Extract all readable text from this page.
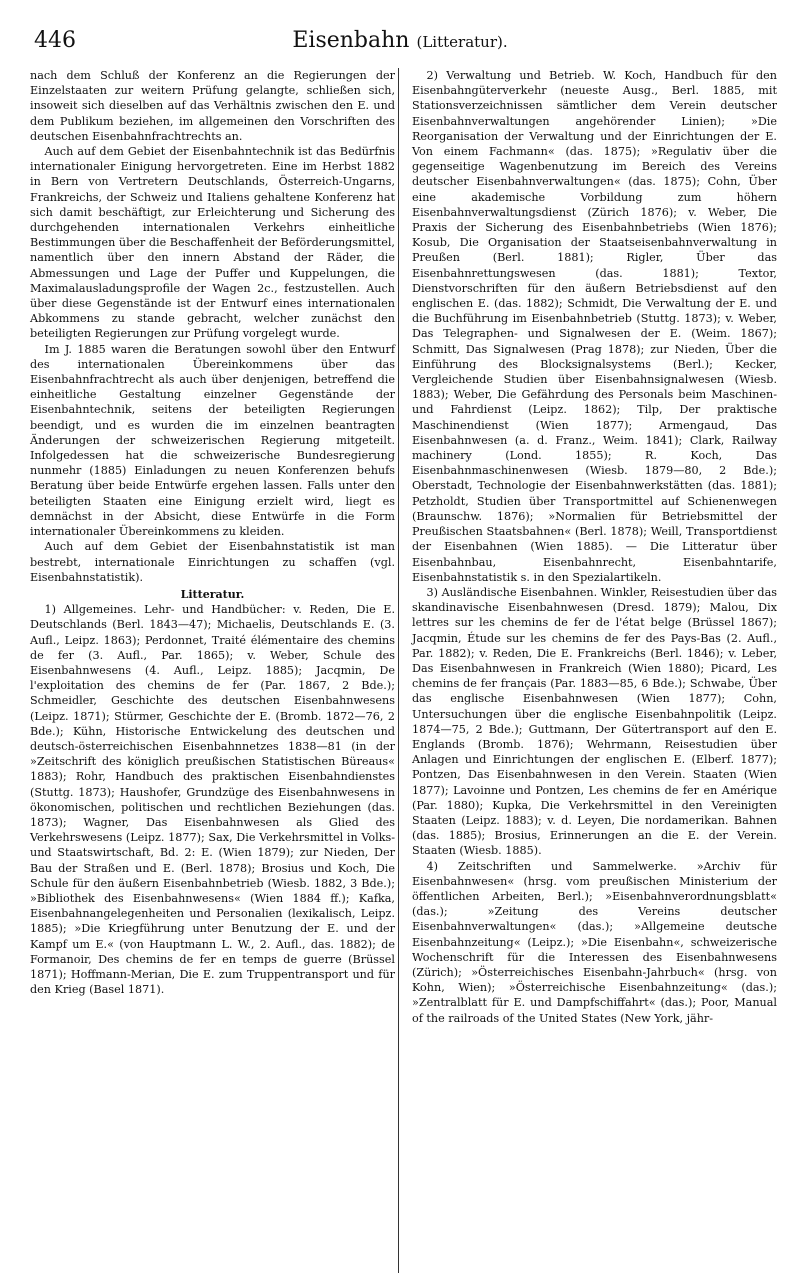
446	Eisenbahn (Litteratur).

nach dem Schluß der Konferenz an die Regierungen der Einzelstaaten zur weitern Prüfung gelangte, schließen sich, insoweit sich dieselben auf das Verhältnis zwischen den E. und dem Publikum beziehen, im allgemeinen den Vorschriften des deutschen Eisenbahnfrachtrechts an.

Auch auf dem Gebiet der Eisenbahntechnik ist das Bedürfnis internationaler Einigung hervorgetreten. Eine im Herbst 1882 in Bern von Vertretern Deutschlands, Österreich-Ungarns, Frankreichs, der Schweiz und Italiens gehaltene Konferenz hat sich damit beschäftigt, zur Erleichterung und Sicherung des durchgehenden internationalen Verkehrs einheitliche Bestimmungen über die Beschaffenheit der Beförderungsmittel, namentlich über den innern Abstand der Räder, die Abmessungen und Lage der Puffer und Kuppelungen, die Maximalausladungsprofile der Wagen 2c., festzustellen. Auch über diese Gegenstände ist der Entwurf eines internationalen Abkommens zu stande gebracht, welcher zunächst den beteiligten Regierungen zur Prüfung vorgelegt wurde.

Im J. 1885 waren die Beratungen sowohl über den Entwurf des internationalen Übereinkommens über das Eisenbahnfrachtrecht als auch über denjenigen, betreffend die einheitliche Gestaltung einzelner Gegenstände der Eisenbahntechnik, seitens der beteiligten Regierungen beendigt, und es wurden die im einzelnen beantragten Änderungen der schweizerischen Regierung mitgeteilt. Infolgedessen hat die schweizerische Bundesregierung nunmehr (1885) Einladungen zu neuen Konferenzen behufs Beratung über beide Entwürfe ergehen lassen. Falls unter den beteiligten Staaten eine Einigung erzielt wird, liegt es demnächst in der Absicht, diese Entwürfe in die Form internationaler Übereinkommens zu kleiden.

Auch auf dem Gebiet der Eisenbahnstatistik ist man bestrebt, internationale Einrichtungen zu schaffen (vgl. Eisenbahnstatistik).

Litteratur.

1) Allgemeines. Lehr- und Handbücher: v. Reden, Die E. Deutschlands (Berl. 1843—47); Michaelis, Deutschlands E. (3. Aufl., Leipz. 1863); Perdonnet, Traité élémentaire des chemins de fer (3. Aufl., Par. 1865); v. Weber, Schule des Eisenbahnwesens (4. Aufl., Leipz. 1885); Jacqmin, De l'exploitation des chemins de fer (Par. 1867, 2 Bde.); Schmeidler, Geschichte des deutschen Eisenbahnwesens (Leipz. 1871); Stürmer, Geschichte der E. (Bromb. 1872—76, 2 Bde.); Kühn, Historische Entwickelung des deutschen und deutsch-österreichischen Eisenbahnnetzes 1838—81 (in der »Zeitschrift des königlich preußischen Statistischen Büreaus« 1883); Rohr, Handbuch des praktischen Eisenbahndienstes (Stuttg. 1873); Haushofer, Grundzüge des Eisenbahnwesens in ökonomischen, politischen und rechtlichen Beziehungen (das. 1873); Wagner, Das Eisenbahnwesen als Glied des Verkehrswesens (Leipz. 1877); Sax, Die Verkehrsmittel in Volks- und Staatswirtschaft, Bd. 2: E. (Wien 1879); zur Nieden, Der Bau der Straßen und E. (Berl. 1878); Brosius und Koch, Die Schule für den äußern Eisenbahnbetrieb (Wiesb. 1882, 3 Bde.); »Bibliothek des Eisenbahnwesens« (Wien 1884 ff.); Kafka, Eisenbahnangelegenheiten und Personalien (lexikalisch, Leipz. 1885); »Die Kriegführung unter Benutzung der E. und der Kampf um E.« (von Hauptmann L. W., 2. Aufl., das. 1882); de Formanoir, Des chemins de fer en temps de guerre (Brüssel 1871); Hoffmann-Merian, Die E. zum Truppentransport und für den Krieg (Basel 1871).

2) Verwaltung und Betrieb. W. Koch, Handbuch für den Eisenbahngüterverkehr (neueste Ausg., Berl. 1885, mit Stationsverzeichnissen sämtlicher dem Verein deutscher Eisenbahnverwaltungen angehörender Linien); »Die Reorganisation der Verwaltung und der Einrichtungen der E. Von einem Fachmann« (das. 1875); »Regulativ über die gegenseitige Wagenbenutzung im Bereich des Vereins deutscher Eisenbahnverwaltungen« (das. 1875); Cohn, Über eine akademische Vorbildung zum höhern Eisenbahnverwaltungsdienst (Zürich 1876); v. Weber, Die Praxis der Sicherung des Eisenbahnbetriebs (Wien 1876); Kosub, Die Organisation der Staatseisenbahnverwaltung in Preußen (Berl. 1881); Rigler, Über das Eisenbahnrettungswesen (das. 1881); Textor, Dienstvorschriften für den äußern Betriebsdienst auf den englischen E. (das. 1882); Schmidt, Die Verwaltung der E. und die Buchführung im Eisenbahnbetrieb (Stuttg. 1873); v. Weber, Das Telegraphen- und Signalwesen der E. (Weim. 1867); Schmitt, Das Signalwesen (Prag 1878); zur Nieden, Über die Einführung des Blocksignalsystems (Berl.); Kecker, Vergleichende Studien über Eisenbahnsignalwesen (Wiesb. 1883); Weber, Die Gefährdung des Personals beim Maschinen- und Fahrdienst (Leipz. 1862); Tilp, Der praktische Maschinendienst (Wien 1877); Armengaud, Das Eisenbahnwesen (a. d. Franz., Weim. 1841); Clark, Railway machinery (Lond. 1855); R. Koch, Das Eisenbahnmaschinenwesen (Wiesb. 1879—80, 2 Bde.); Oberstadt, Technologie der Eisenbahnwerkstätten (das. 1881); Petzholdt, Studien über Transportmittel auf Schienenwegen (Braunschw. 1876); »Normalien für Betriebsmittel der Preußischen Staatsbahnen« (Berl. 1878); Weill, Transportdienst der Eisenbahnen (Wien 1885). — Die Litteratur über Eisenbahnbau, Eisenbahnrecht, Eisenbahntarife, Eisenbahnstatistik s. in den Spezialartikeln.

3) Ausländische Eisenbahnen. Winkler, Reisestudien über das skandinavische Eisenbahnwesen (Dresd. 1879); Malou, Dix lettres sur les chemins de fer de l'état belge (Brüssel 1867); Jacqmin, Étude sur les chemins de fer des Pays-Bas (2. Aufl., Par. 1882); v. Reden, Die E. Frankreichs (Berl. 1846); v. Leber, Das Eisenbahnwesen in Frankreich (Wien 1880); Picard, Les chemins de fer français (Par. 1883—85, 6 Bde.); Schwabe, Über das englische Eisenbahnwesen (Wien 1877); Cohn, Untersuchungen über die englische Eisenbahnpolitik (Leipz. 1874—75, 2 Bde.); Guttmann, Der Gütertransport auf den E. Englands (Bromb. 1876); Wehrmann, Reisestudien über Anlagen und Einrichtungen der englischen E. (Elberf. 1877); Pontzen, Das Eisenbahnwesen in den Verein. Staaten (Wien 1877); Lavoinne und Pontzen, Les chemins de fer en Amérique (Par. 1880); Kupka, Die Verkehrsmittel in den Vereinigten Staaten (Leipz. 1883); v. d. Leyen, Die nordamerikan. Bahnen (das. 1885); Brosius, Erinnerungen an die E. der Verein. Staaten (Wiesb. 1885).

4) Zeitschriften und Sammelwerke. »Archiv für Eisenbahnwesen« (hrsg. vom preußischen Ministerium der öffentlichen Arbeiten, Berl.); »Eisenbahnverordnungsblatt« (das.); »Zeitung des Vereins deutscher Eisenbahnverwaltungen« (das.); »Allgemeine deutsche Eisenbahnzeitung« (Leipz.); »Die Eisenbahn«, schweizerische Wochenschrift für die Interessen des Eisenbahnwesens (Zürich); »Österreichisches Eisenbahn-Jahrbuch« (hrsg. von Kohn, Wien); »Österreichische Eisenbahnzeitung« (das.); »Zentralblatt für E. und Dampfschiffahrt« (das.); Poor, Manual of the railroads of the United States (New York, jähr-
